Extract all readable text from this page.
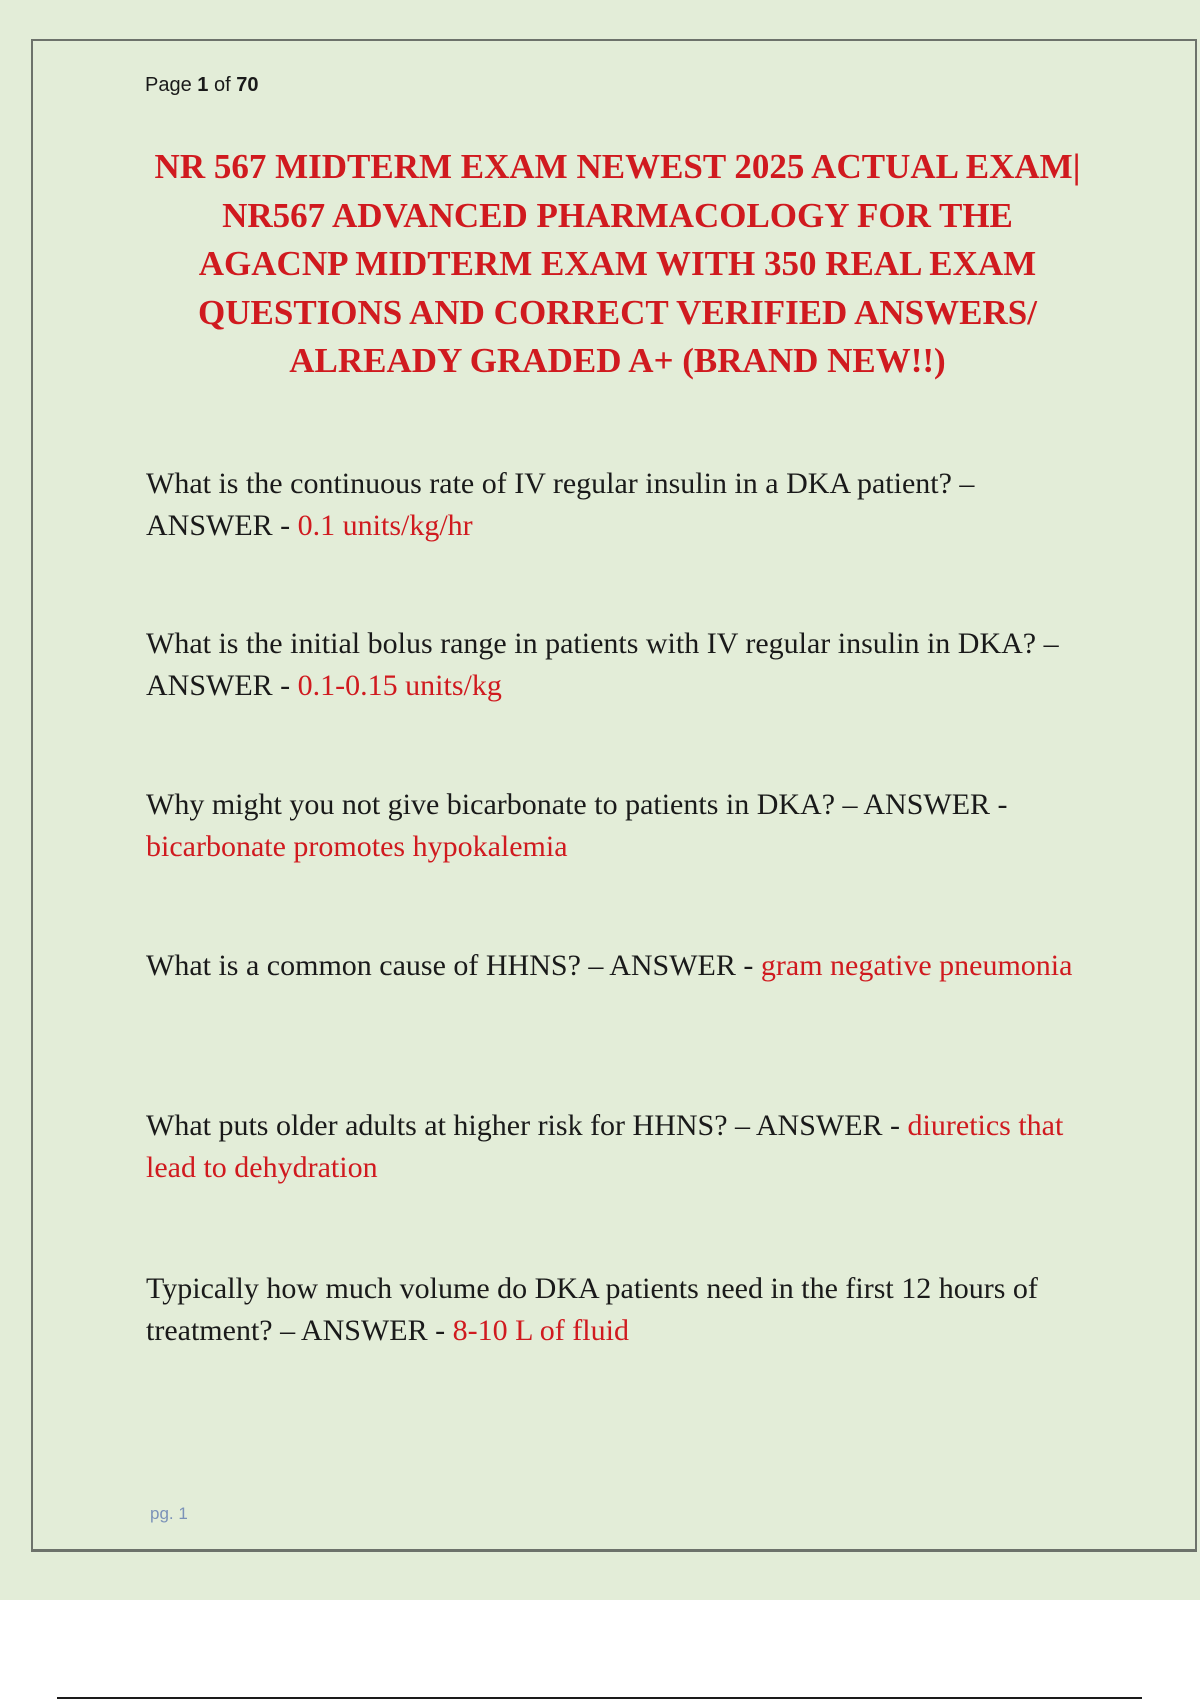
Page 1 of 70
NR 567 MIDTERM EXAM NEWEST 2025 ACTUAL EXAM| NR567 ADVANCED PHARMACOLOGY FOR THE AGACNP MIDTERM EXAM WITH 350 REAL EXAM QUESTIONS AND CORRECT VERIFIED ANSWERS/ ALREADY GRADED A+ (BRAND NEW!!)

What is the continuous rate of IV regular insulin in a DKA patient? – ANSWER - 0.1 units/kg/hr

What is the initial bolus range in patients with IV regular insulin in DKA? – ANSWER - 0.1-0.15 units/kg

Why might you not give bicarbonate to patients in DKA? – ANSWER - bicarbonate promotes hypokalemia

What is a common cause of HHNS? – ANSWER - gram negative pneumonia

What puts older adults at higher risk for HHNS? – ANSWER - diuretics that lead to dehydration

Typically how much volume do DKA patients need in the first 12 hours of treatment? – ANSWER - 8-10 L of fluid

pg. 1
